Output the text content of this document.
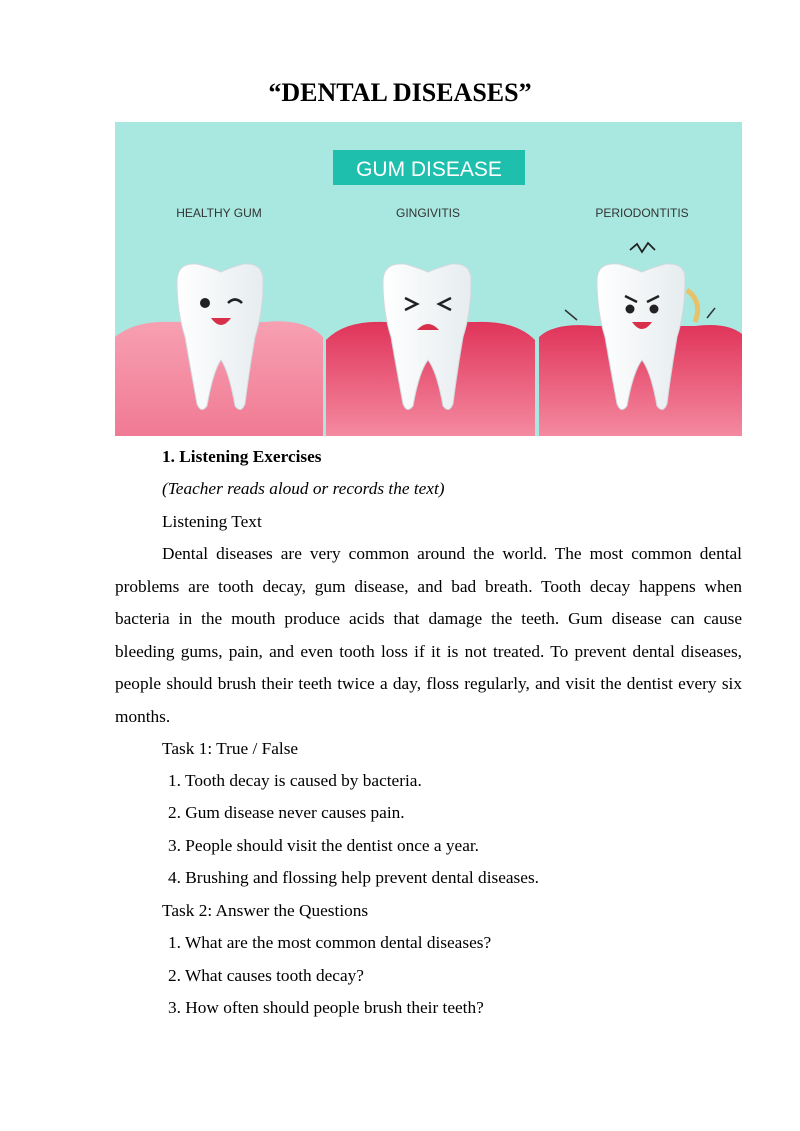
“DENTAL DISEASES”
GUM DISEASE
HEALTHY GUM	GINGIVITIS	PERIODONTITIS
1. Listening Exercises
(Teacher reads aloud or records the text)
Listening Text
Dental diseases are very common around the world. The most common dental problems are tooth decay, gum disease, and bad breath. Tooth decay happens when bacteria in the mouth produce acids that damage the teeth. Gum disease can cause bleeding gums, pain, and even tooth loss if it is not treated. To prevent dental diseases, people should brush their teeth twice a day, floss regularly, and visit the dentist every six months.
Task 1: True / False
1. Tooth decay is caused by bacteria.
2. Gum disease never causes pain.
3. People should visit the dentist once a year.
4. Brushing and flossing help prevent dental diseases.
Task 2: Answer the Questions
1. What are the most common dental diseases?
2. What causes tooth decay?
3. How often should people brush their teeth?
